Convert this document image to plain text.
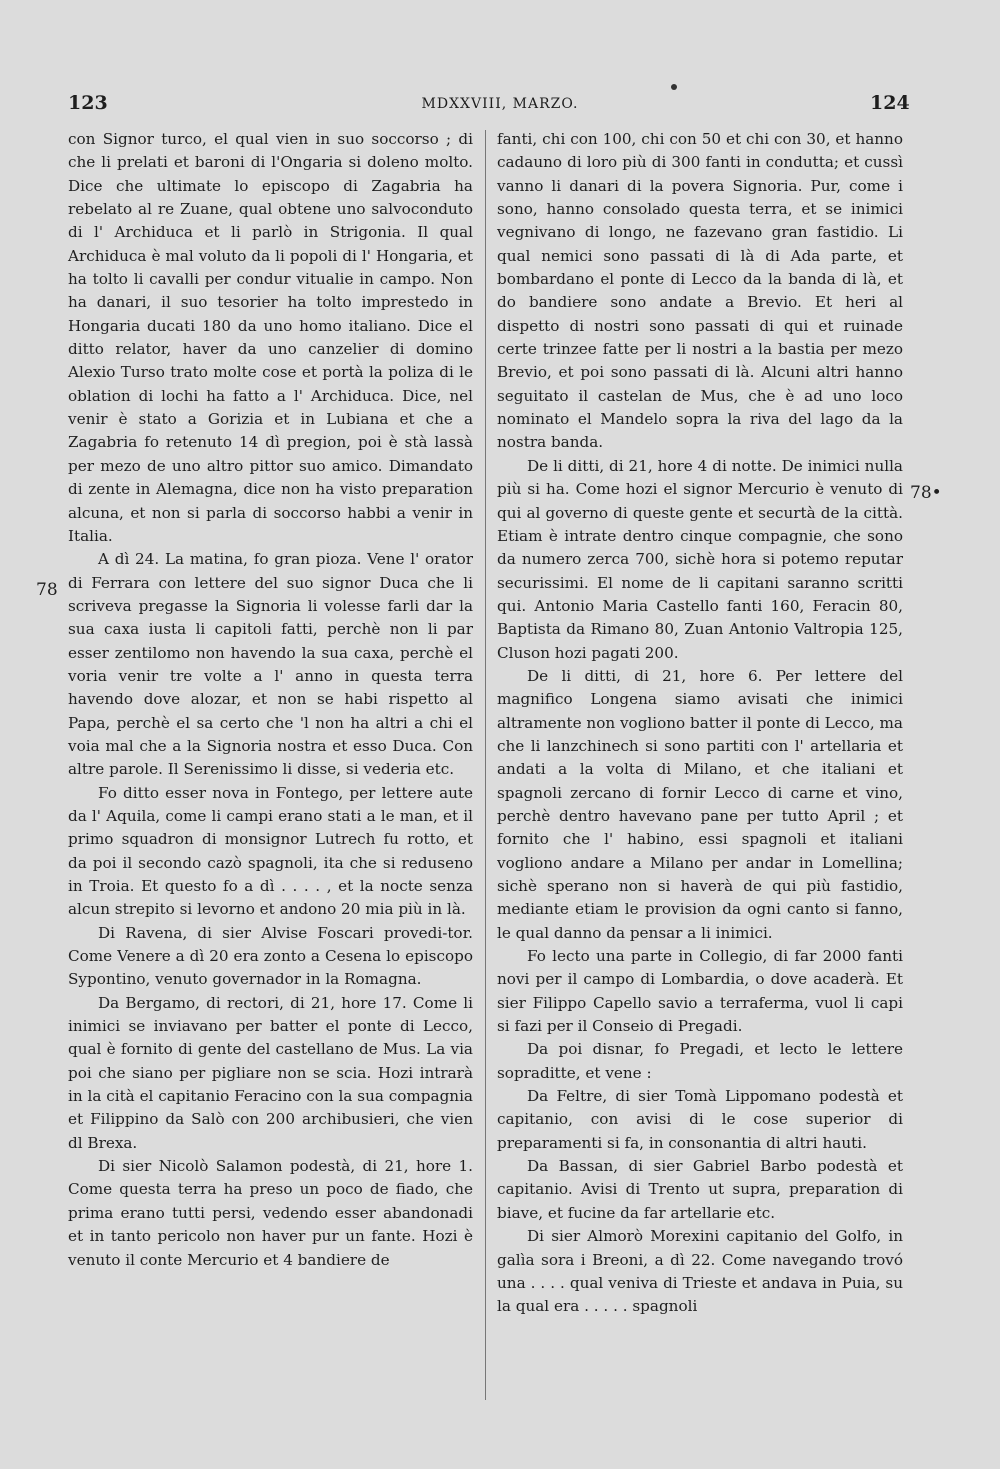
123	MDXXVIII, MARZO.	124
78
78•

con Signor turco, el qual vien in suo soccorso ; di che li prelati et baroni di l'Ongaria si doleno molto. Dice che ultimate lo episcopo di Zagabria ha rebelato al re Zuane, qual obtene uno salvoconduto di l' Archiduca et li parlò in Strigonia. Il qual Archiduca è mal voluto da li popoli di l' Hongaria, et ha tolto li cavalli per condur vitualie in campo. Non ha danari, il suo tesorier ha tolto imprestedo in Hongaria ducati 180 da uno homo italiano. Dice el ditto relator, haver da uno canzelier di domino Alexio Turso trato molte cose et portà la poliza di le oblation di lochi ha fatto a l' Archiduca. Dice, nel venir è stato a Gorizia et in Lubiana et che a Zagabria fo retenuto 14 dì pregion, poi è stà lassà per mezo de uno altro pittor suo amico. Dimandato di zente in Alemagna, dice non ha visto preparation alcuna, et non si parla di soccorso habbi a venir in Italia.

A dì 24. La matina, fo gran pioza. Vene l' orator di Ferrara con lettere del suo signor Duca che li scriveva pregasse la Signoria li volesse farli dar la sua caxa iusta li capitoli fatti, perchè non li par esser zentilomo non havendo la sua caxa, perchè el voria venir tre volte a l' anno in questa terra havendo dove alozar, et non se habi rispetto al Papa, perchè el sa certo che 'l non ha altri a chi el voia mal che a la Signoria nostra et esso Duca. Con altre parole. Il Serenissimo li disse, si vederia etc.

Fo ditto esser nova in Fontego, per lettere aute da l' Aquila, come li campi erano stati a le man, et il primo squadron di monsignor Lutrech fu rotto, et da poi il secondo cazò spagnoli, ita che si reduseno in Troia. Et questo fo a dì . . . . , et la nocte senza alcun strepito si levorno et andono 20 mia più in là.

Di Ravena, di sier Alvise Foscari provedi-tor. Come Venere a dì 20 era zonto a Cesena lo episcopo Sypontino, venuto governador in la Romagna.

Da Bergamo, di rectori, di 21, hore 17. Come li inimici se inviavano per batter el ponte di Lecco, qual è fornito di gente del castellano de Mus. La via poi che siano per pigliare non se scia. Hozi intrarà in la cità el capitanio Feracino con la sua compagnia et Filippino da Salò con 200 archibusieri, che vien dl Brexa.

Di sier Nicolò Salamon podestà, di 21, hore 1. Come questa terra ha preso un poco de fiado, che prima erano tutti persi, vedendo esser abandonadi et in tanto pericolo non haver pur un fante. Hozi è venuto il conte Mercurio et 4 bandiere de

fanti, chi con 100, chi con 50 et chi con 30, et hanno cadauno di loro più di 300 fanti in condutta; et cussì vanno li danari di la povera Signoria. Pur, come i sono, hanno consolado questa terra, et se inimici vegnivano di longo, ne fazevano gran fastidio. Li qual nemici sono passati di là di Ada parte, et bombardano el ponte di Lecco da la banda di là, et do bandiere sono andate a Brevio. Et heri al dispetto di nostri sono passati di qui et ruinade certe trinzee fatte per li nostri a la bastia per mezo Brevio, et poi sono passati di là. Alcuni altri hanno seguitato il castelan de Mus, che è ad uno loco nominato el Mandelo sopra la riva del lago da la nostra banda.

De li ditti, di 21, hore 4 di notte. De inimici nulla più si ha. Come hozi el signor Mercurio è venuto di qui al governo di queste gente et securtà de la città. Etiam è intrate dentro cinque compagnie, che sono da numero zerca 700, sichè hora si potemo reputar securissimi. El nome de li capitani saranno scritti qui. Antonio Maria Castello fanti 160, Feracin 80, Baptista da Rimano 80, Zuan Antonio Valtropia 125, Cluson hozi pagati 200.

De li ditti, di 21, hore 6. Per lettere del magnifico Longena siamo avisati che inimici altramente non vogliono batter il ponte di Lecco, ma che li lanzchinech si sono partiti con l' artellaria et andati a la volta di Milano, et che italiani et spagnoli zercano di fornir Lecco di carne et vino, perchè dentro havevano pane per tutto April ; et fornito che l' habino, essi spagnoli et italiani vogliono andare a Milano per andar in Lomellina; sichè sperano non si haverà de qui più fastidio, mediante etiam le provision da ogni canto si fanno, le qual danno da pensar a li inimici.

Fo lecto una parte in Collegio, di far 2000 fanti novi per il campo di Lombardia, o dove acaderà. Et sier Filippo Capello savio a terraferma, vuol li capi si fazi per il Conseio di Pregadi.

Da poi disnar, fo Pregadi, et lecto le lettere sopraditte, et vene :

Da Feltre, di sier Tomà Lippomano podestà et capitanio, con avisi di le cose superior di preparamenti si fa, in consonantia di altri hauti.

Da Bassan, di sier Gabriel Barbo podestà et capitanio. Avisi di Trento ut supra, preparation di biave, et fucine da far artellarie etc.

Di sier Almorò Morexini capitanio del Golfo, in galìa sora i Breoni, a dì 22. Come navegando trovó una . . . . qual veniva di Trieste et andava in Puia, su la qual era . . . . . spagnoli
